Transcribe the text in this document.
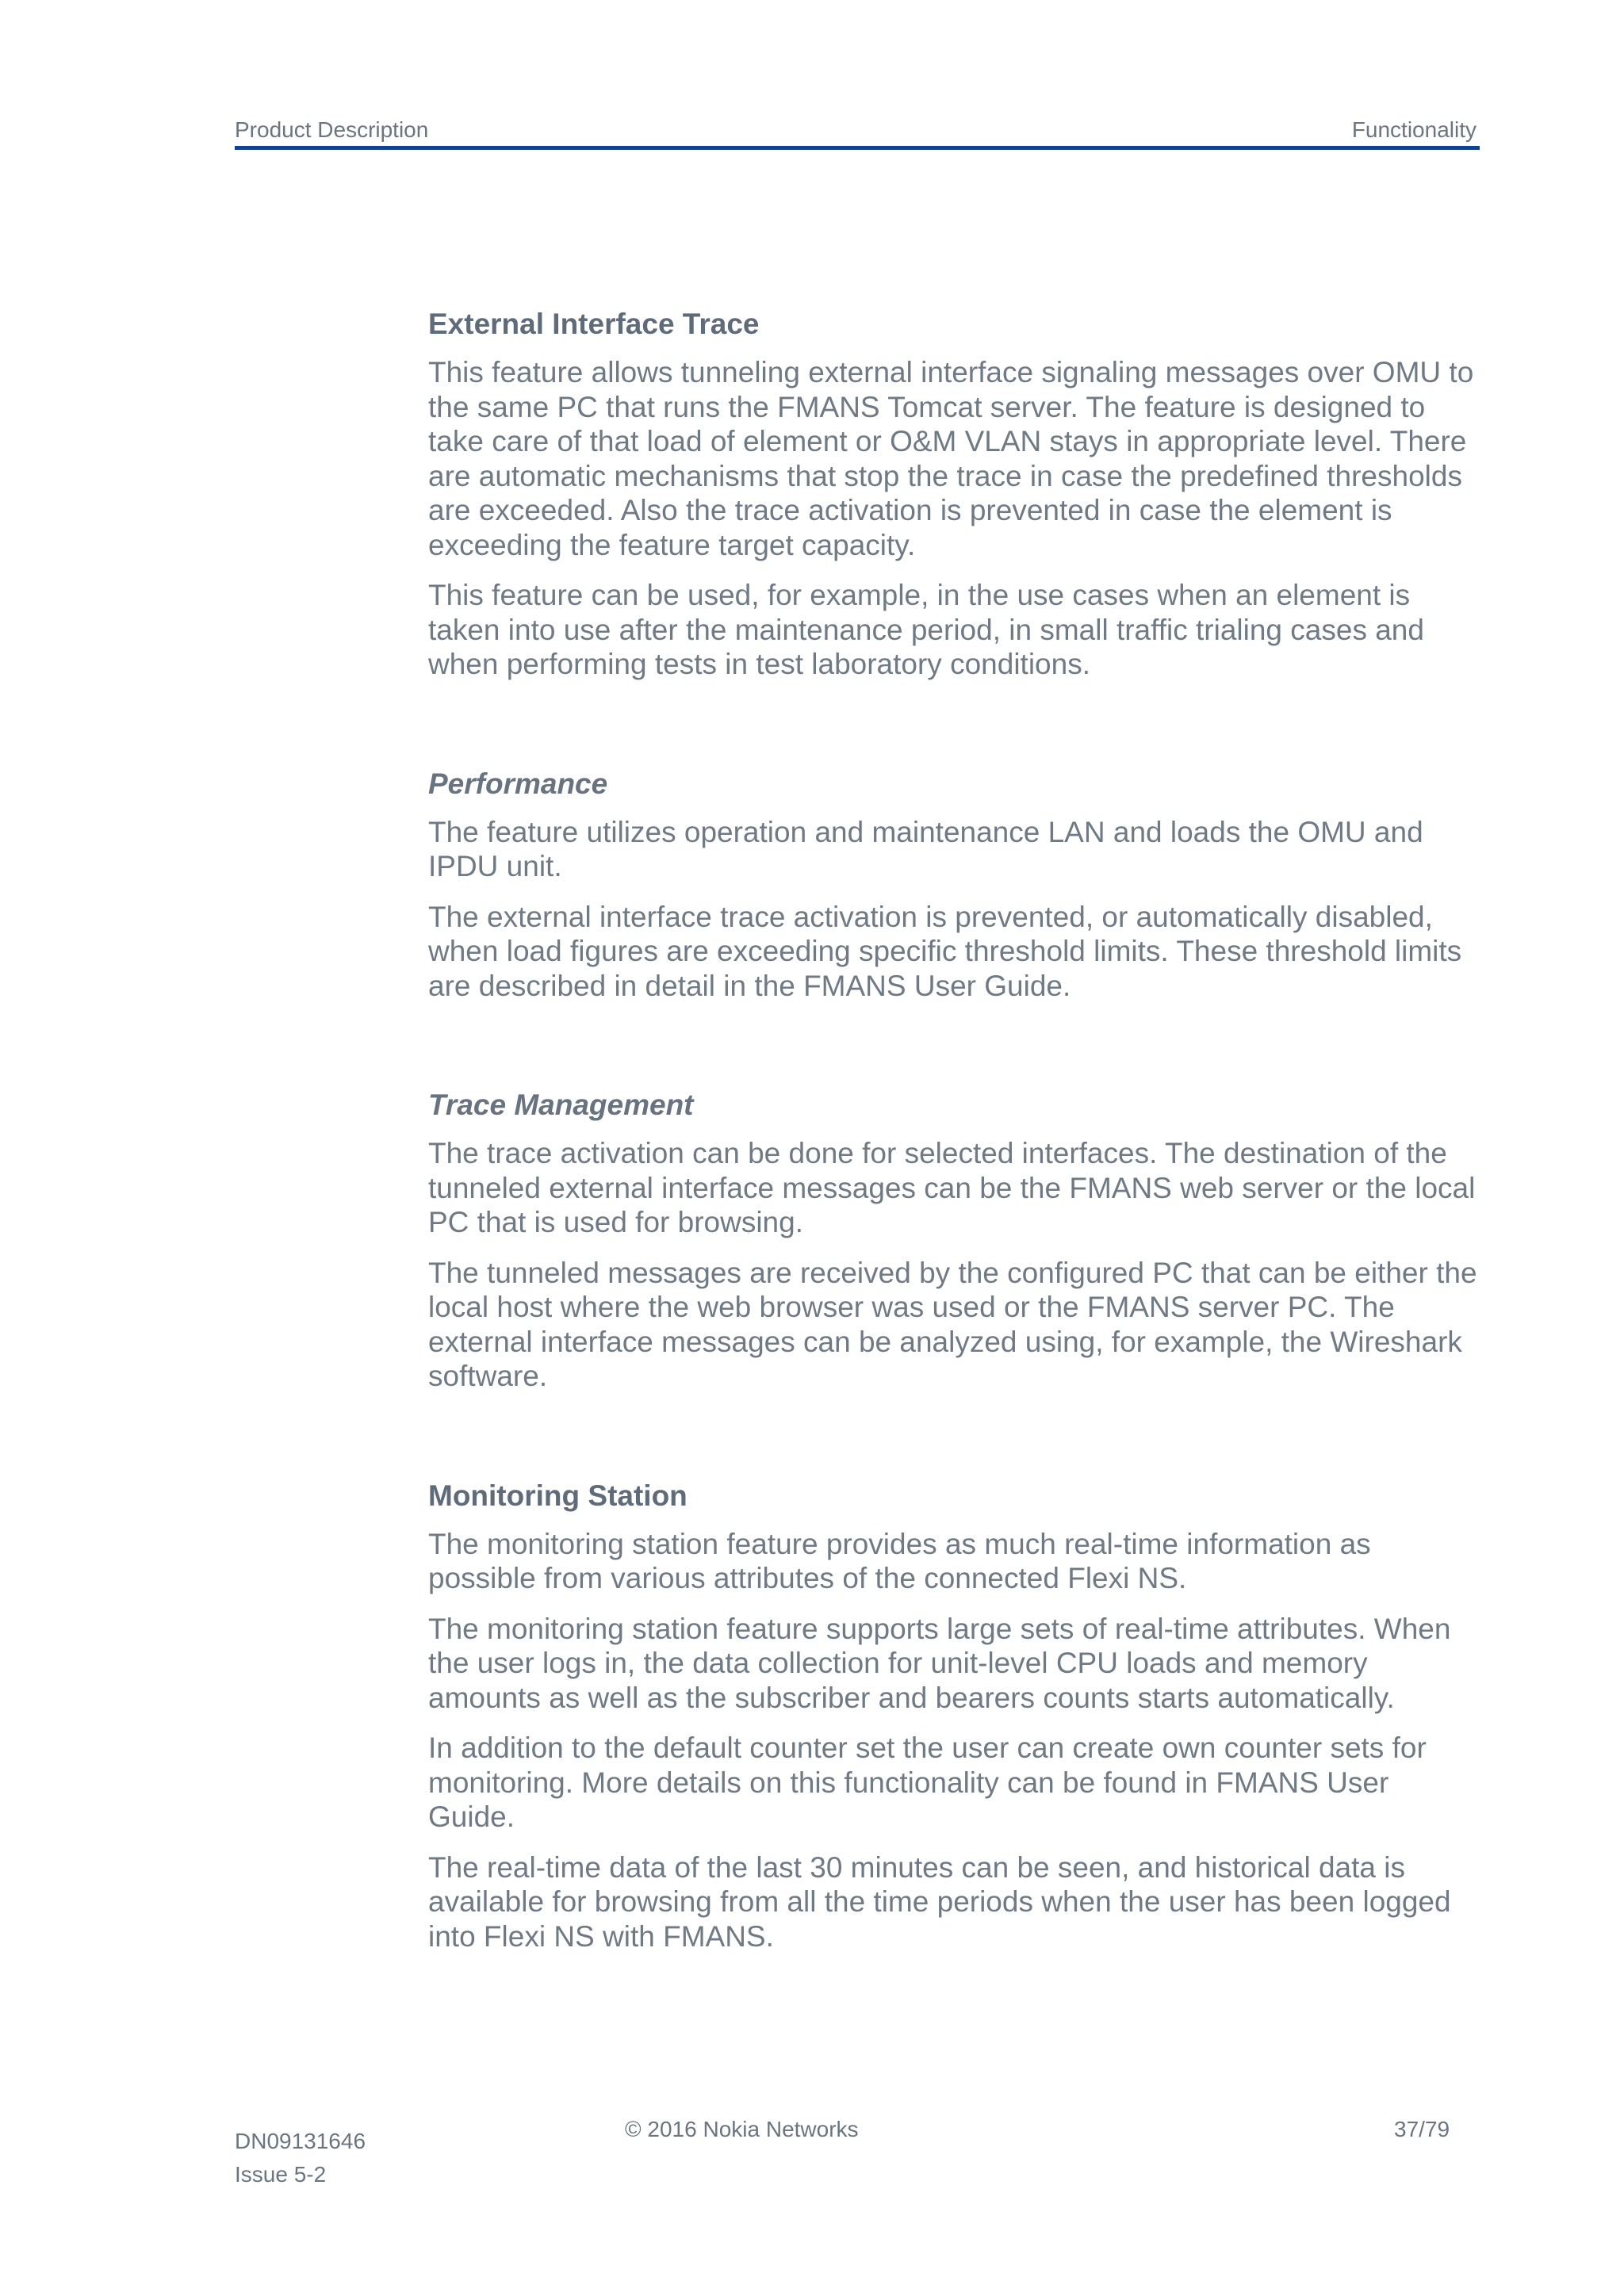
Product Description	Functionality
External Interface Trace

This feature allows tunneling external interface signaling messages over OMU to the same PC that runs the FMANS Tomcat server. The feature is designed to take care of that load of element or O&M VLAN stays in appropriate level. There are automatic mechanisms that stop the trace in case the predefined thresholds are exceeded. Also the trace activation is prevented in case the element is exceeding the feature target capacity.

This feature can be used, for example, in the use cases when an element is taken into use after the maintenance period, in small traffic trialing cases and when performing tests in test laboratory conditions.

Performance

The feature utilizes operation and maintenance LAN and loads the OMU and IPDU unit.

The external interface trace activation is prevented, or automatically disabled, when load figures are exceeding specific threshold limits. These threshold limits are described in detail in the FMANS User Guide.

Trace Management

The trace activation can be done for selected interfaces. The destination of the tunneled external interface messages can be the FMANS web server or the local PC that is used for browsing.

The tunneled messages are received by the configured PC that can be either the local host where the web browser was used or the FMANS server PC. The external interface messages can be analyzed using, for example, the Wireshark software.

Monitoring Station

The monitoring station feature provides as much real-time information as possible from various attributes of the connected Flexi NS.

The monitoring station feature supports large sets of real-time attributes. When the user logs in, the data collection for unit-level CPU loads and memory amounts as well as the subscriber and bearers counts starts automatically.

In addition to the default counter set the user can create own counter sets for monitoring. More details on this functionality can be found in FMANS User Guide.

The real-time data of the last 30 minutes can be seen, and historical data is available for browsing from all the time periods when the user has been logged into Flexi NS with FMANS.

DN09131646
Issue 5-2
© 2016 Nokia Networks	37/79
